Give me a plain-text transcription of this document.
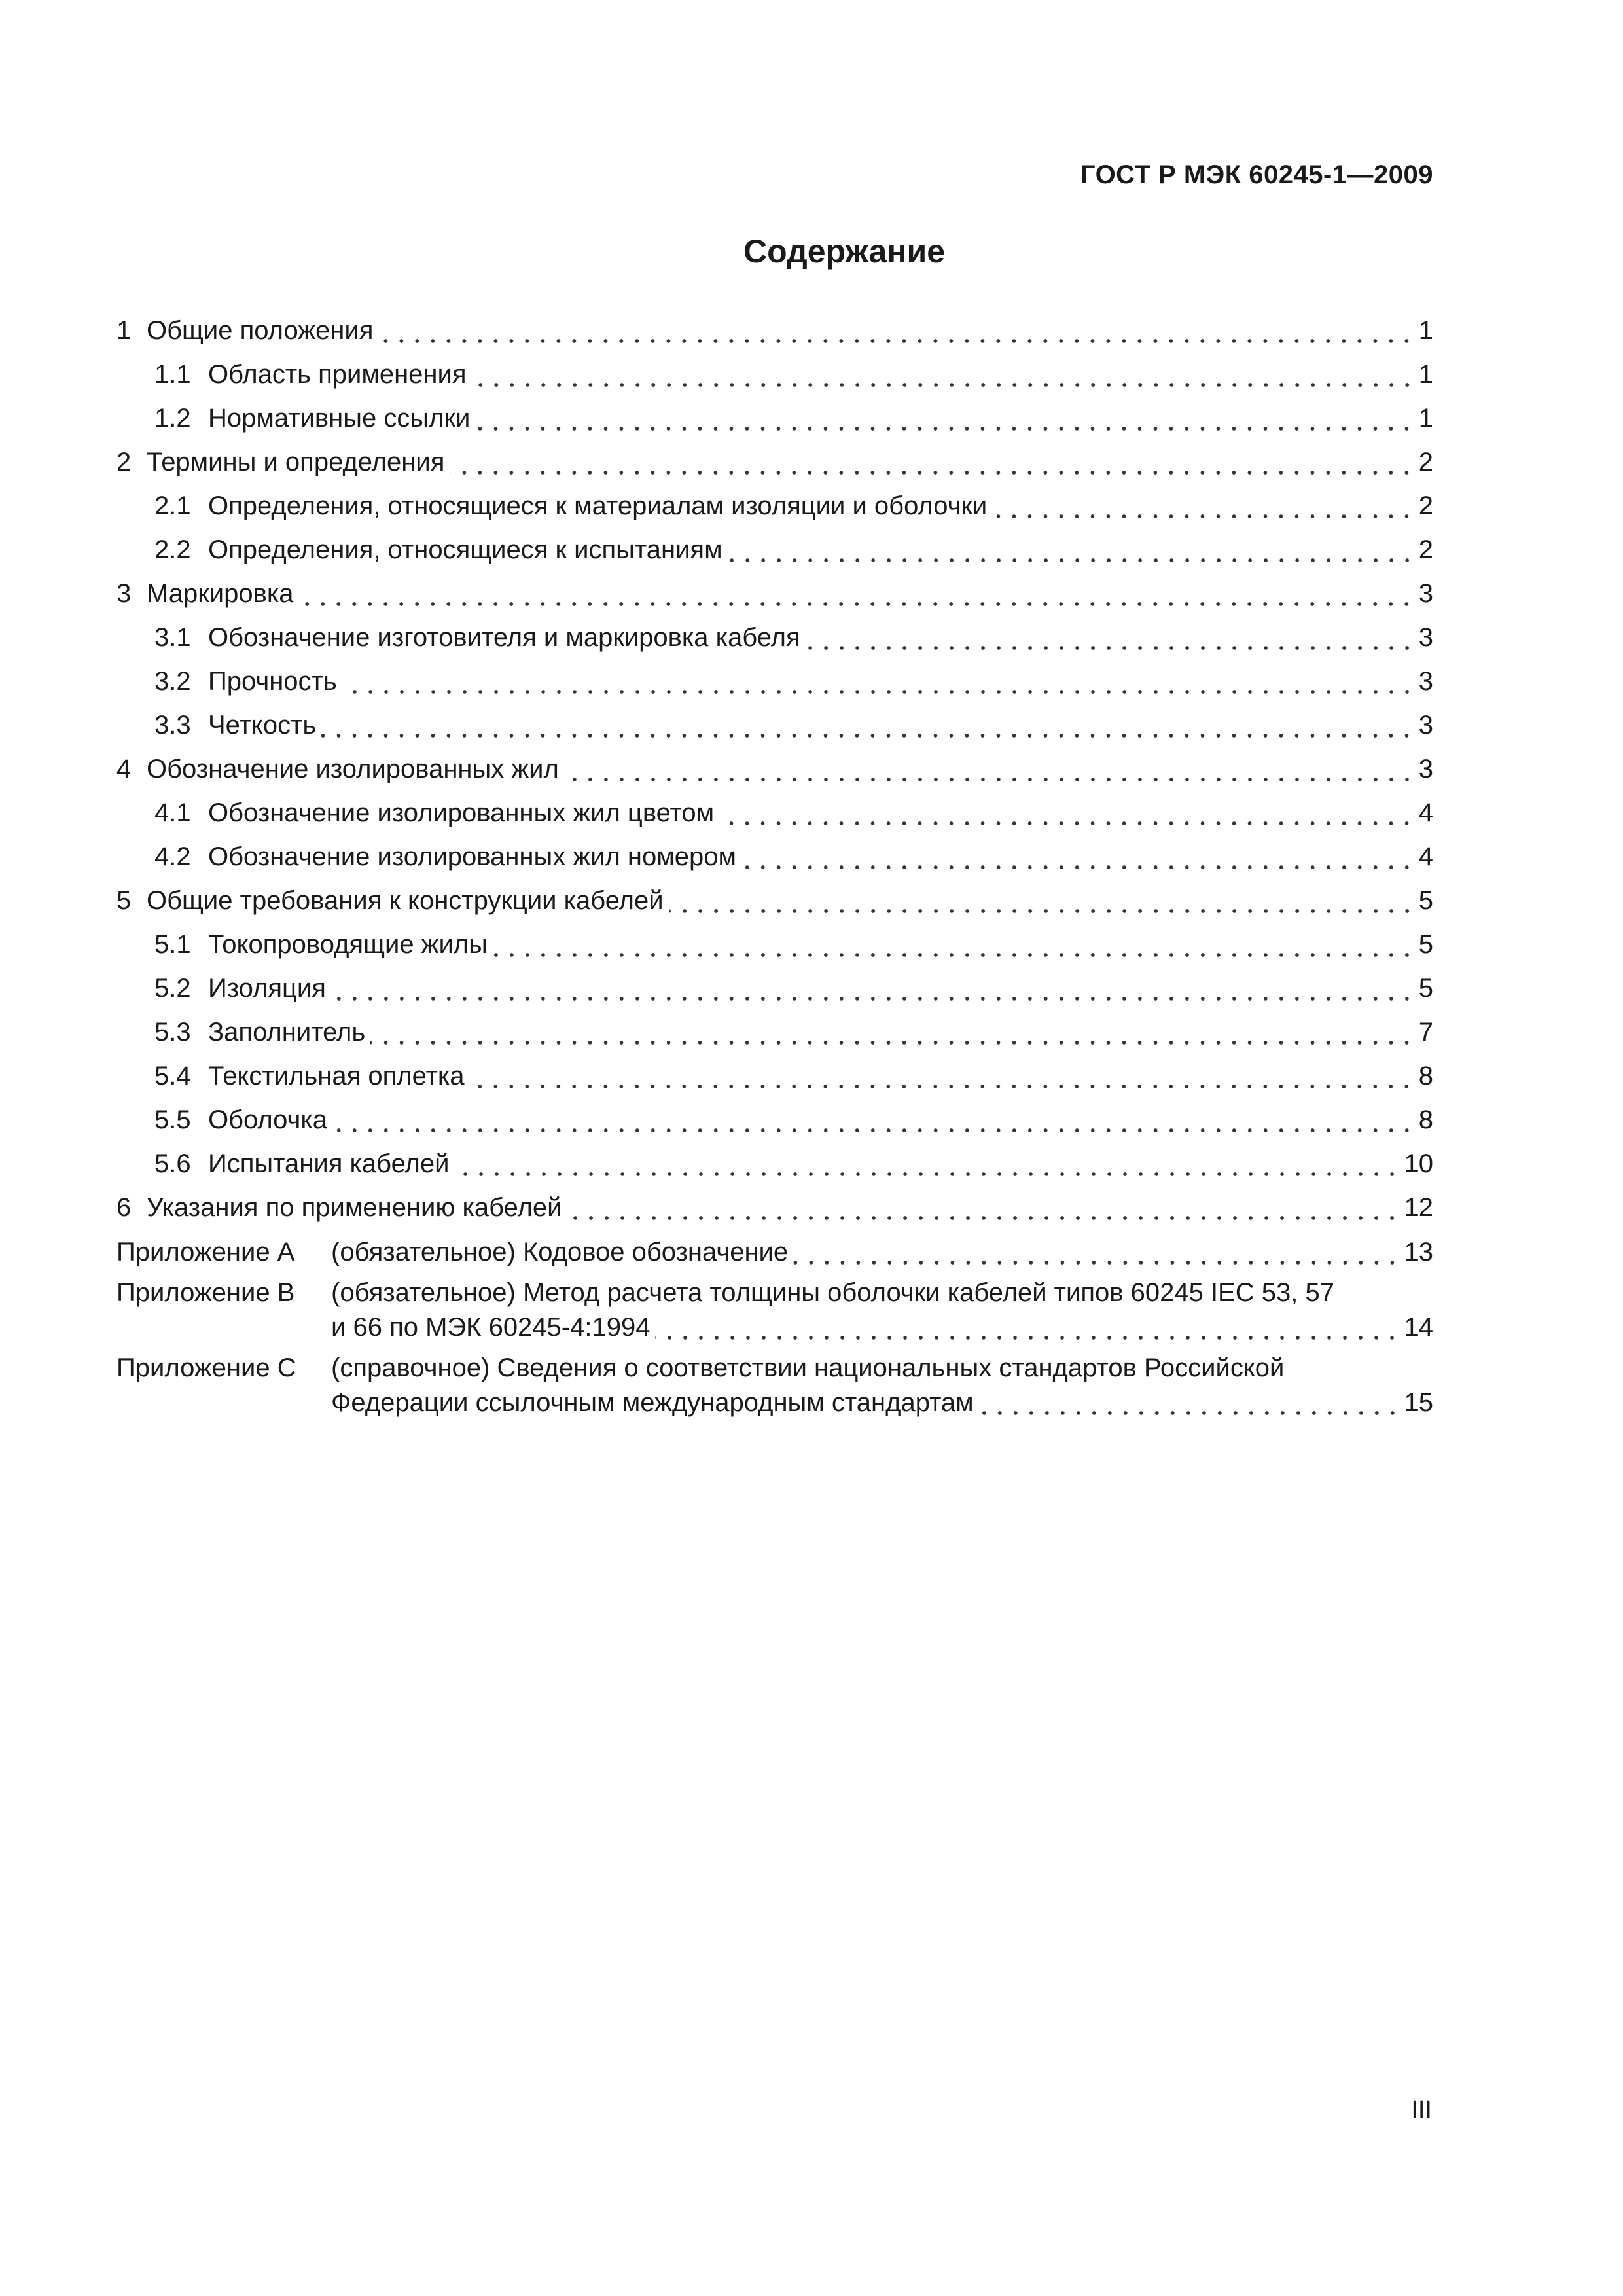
ГОСТ Р МЭК 60245-1—2009
Содержание
1 Общие положения	1
1.1 Область применения	1
1.2 Нормативные ссылки	1
2 Термины и определения	2
2.1 Определения, относящиеся к материалам изоляции и оболочки	2
2.2 Определения, относящиеся к испытаниям	2
3 Маркировка	3
3.1 Обозначение изготовителя и маркировка кабеля	3
3.2 Прочность	3
3.3 Четкость	3
4 Обозначение изолированных жил	3
4.1 Обозначение изолированных жил цветом	4
4.2 Обозначение изолированных жил номером	4
5 Общие требования к конструкции кабелей	5
5.1 Токопроводящие жилы	5
5.2 Изоляция	5
5.3 Заполнитель	7
5.4 Текстильная оплетка	8
5.5 Оболочка	8
5.6 Испытания кабелей	10
6 Указания по применению кабелей	12
Приложение А	(обязательное) Кодовое обозначение	13
Приложение В	(обязательное) Метод расчета толщины оболочки кабелей типов 60245 IEC 53, 57
и 66 по МЭК 60245-4:1994	14
Приложение С	(справочное) Сведения о соответствии национальных стандартов Российской
Федерации ссылочным международным стандартам	15
III
